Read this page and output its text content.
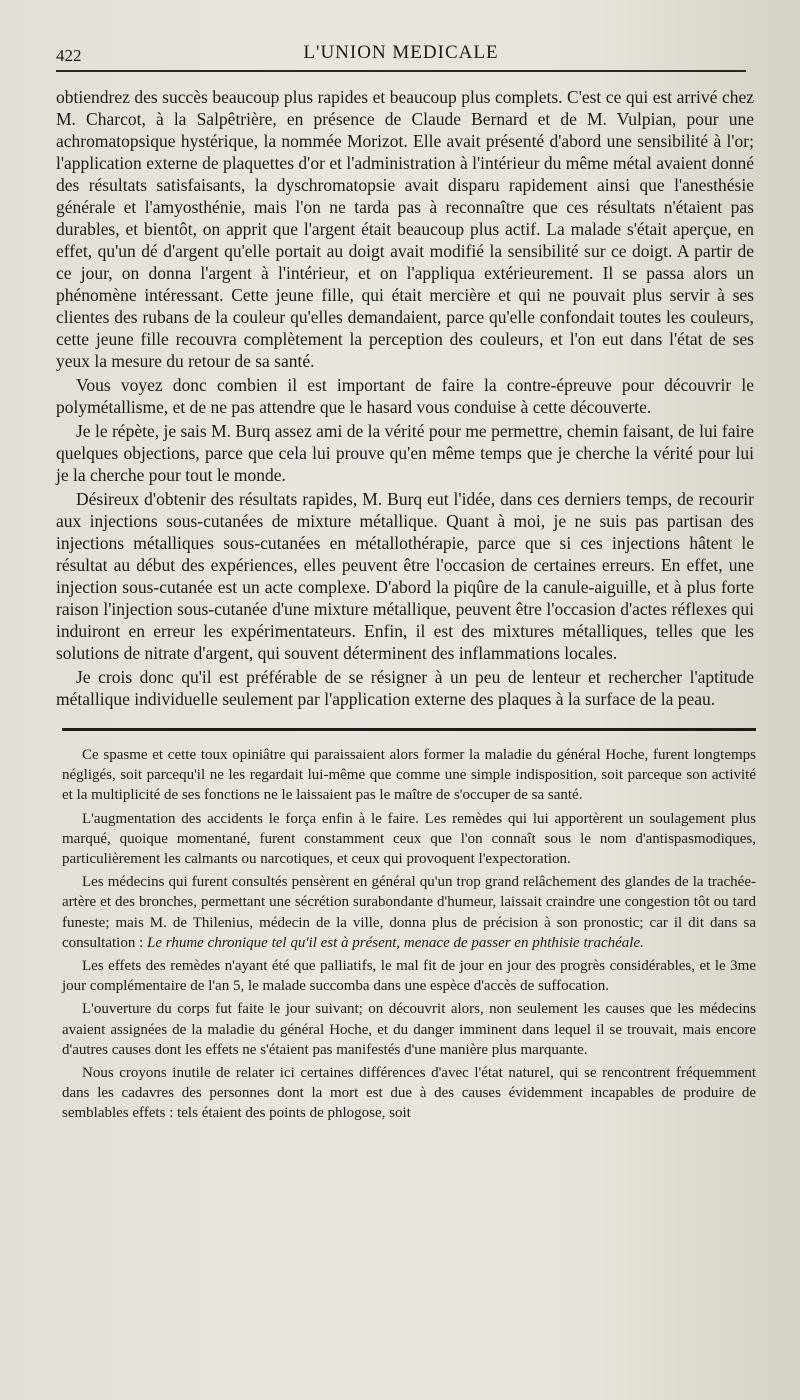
422	L'UNION MEDICALE

obtiendrez des succès beaucoup plus rapides et beaucoup plus complets. C'est ce qui est arrivé chez M. Charcot, à la Salpêtrière, en présence de Claude Bernard et de M. Vulpian, pour une achromatopsique hystérique, la nommée Morizot. Elle avait présenté d'abord une sensibilité à l'or; l'application externe de plaquettes d'or et l'administration à l'intérieur du même métal avaient donné des résultats satisfaisants, la dyschromatopsie avait disparu rapidement ainsi que l'anesthésie générale et l'amyosthénie, mais l'on ne tarda pas à reconnaître que ces résultats n'étaient pas durables, et bientôt, on apprit que l'argent était beaucoup plus actif. La malade s'était aperçue, en effet, qu'un dé d'argent qu'elle portait au doigt avait modifié la sensibilité sur ce doigt. A partir de ce jour, on donna l'argent à l'intérieur, et on l'appliqua extérieurement. Il se passa alors un phénomène intéressant. Cette jeune fille, qui était mercière et qui ne pouvait plus servir à ses clientes des rubans de la couleur qu'elles demandaient, parce qu'elle confondait toutes les couleurs, cette jeune fille recouvra complètement la perception des couleurs, et l'on eut dans l'état de ses yeux la mesure du retour de sa santé.

Vous voyez donc combien il est important de faire la contre-épreuve pour découvrir le polymétallisme, et de ne pas attendre que le hasard vous conduise à cette découverte.

Je le répète, je sais M. Burq assez ami de la vérité pour me permettre, chemin faisant, de lui faire quelques objections, parce que cela lui prouve qu'en même temps que je cherche la vérité pour lui je la cherche pour tout le monde.

Désireux d'obtenir des résultats rapides, M. Burq eut l'idée, dans ces derniers temps, de recourir aux injections sous-cutanées de mixture métallique. Quant à moi, je ne suis pas partisan des injections métalliques sous-cutanées en métallothérapie, parce que si ces injections hâtent le résultat au début des expériences, elles peuvent être l'occasion de certaines erreurs. En effet, une injection sous-cutanée est un acte complexe. D'abord la piqûre de la canule-aiguille, et à plus forte raison l'injection sous-cutanée d'une mixture métallique, peuvent être l'occasion d'actes réflexes qui induiront en erreur les expérimentateurs. Enfin, il est des mixtures métalliques, telles que les solutions de nitrate d'argent, qui souvent déterminent des inflammations locales.

Je crois donc qu'il est préférable de se résigner à un peu de lenteur et rechercher l'aptitude métallique individuelle seulement par l'application externe des plaques à la surface de la peau.

Ce spasme et cette toux opiniâtre qui paraissaient alors former la maladie du général Hoche, furent longtemps négligés, soit parcequ'il ne les regardait lui-même que comme une simple indisposition, soit parceque son activité et la multiplicité de ses fonctions ne le laissaient pas le maître de s'occuper de sa santé.

L'augmentation des accidents le força enfin à le faire. Les remèdes qui lui apportèrent un soulagement plus marqué, quoique momentané, furent constamment ceux que l'on connaît sous le nom d'antispasmodiques, particulièrement les calmants ou narcotiques, et ceux qui provoquent l'expectoration.

Les médecins qui furent consultés pensèrent en général qu'un trop grand relâchement des glandes de la trachée-artère et des bronches, permettant une sécrétion surabondante d'humeur, laissait craindre une congestion tôt ou tard funeste; mais M. de Thilenius, médecin de la ville, donna plus de précision à son pronostic; car il dit dans sa consultation : Le rhume chronique tel qu'il est à présent, menace de passer en phthisie trachéale.

Les effets des remèdes n'ayant été que palliatifs, le mal fit de jour en jour des progrès considérables, et le 3me jour complémentaire de l'an 5, le malade succomba dans une espèce d'accès de suffocation.

L'ouverture du corps fut faite le jour suivant; on découvrit alors, non seulement les causes que les médecins avaient assignées de la maladie du général Hoche, et du danger imminent dans lequel il se trouvait, mais encore d'autres causes dont les effets ne s'étaient pas manifestés d'une manière plus marquante.

Nous croyons inutile de relater ici certaines différences d'avec l'état naturel, qui se rencontrent fréquemment dans les cadavres des personnes dont la mort est due à des causes évidemment incapables de produire de semblables effets : tels étaient des points de phlogose, soit
